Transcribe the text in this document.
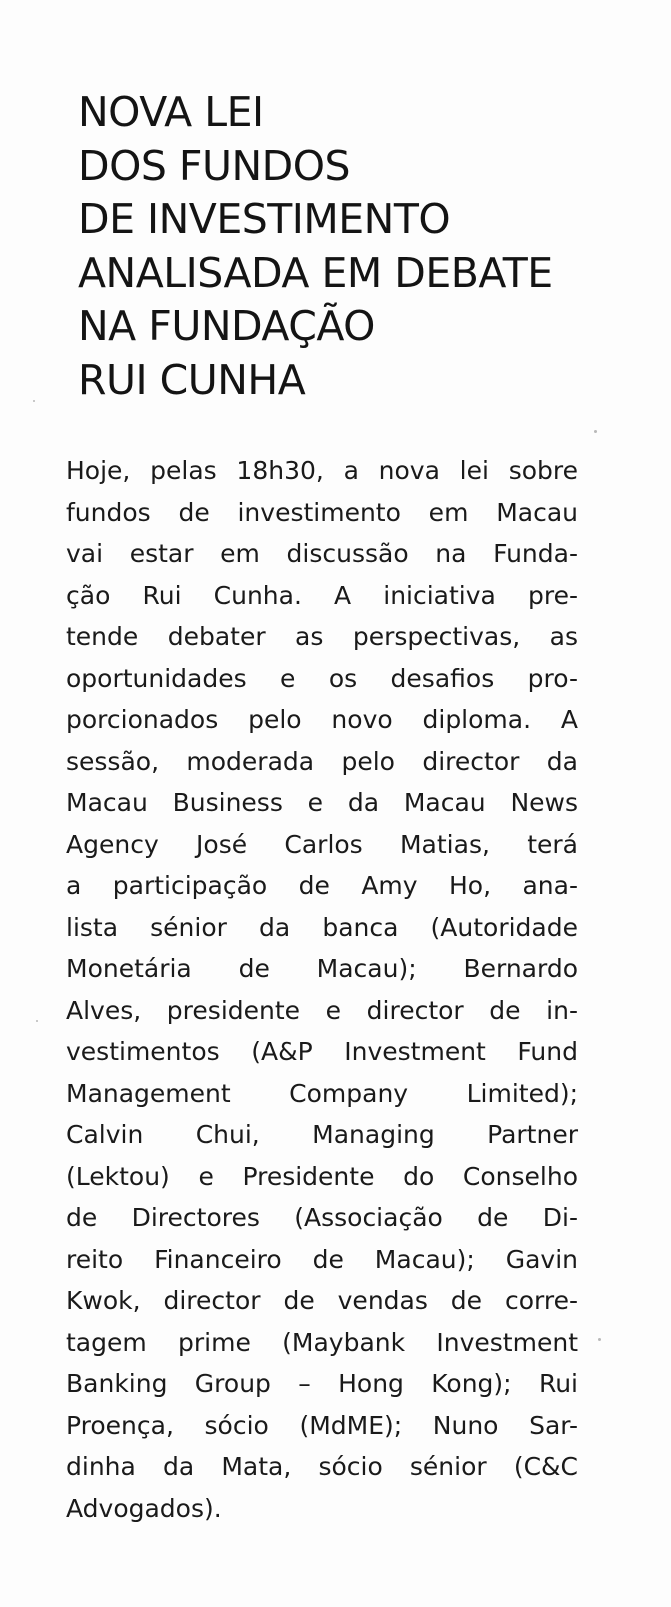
NOVA LEI
DOS FUNDOS
DE INVESTIMENTO
ANALISADA EM DEBATE
NA FUNDAÇÃO
RUI CUNHA
Hoje, pelas 18h30, a nova lei sobre
fundos de investimento em Macau
vai estar em discussão na Funda-
ção Rui Cunha. A iniciativa pre-
tende debater as perspectivas, as
oportunidades e os desafios pro-
porcionados pelo novo diploma. A
sessão, moderada pelo director da
Macau Business e da Macau News
Agency José Carlos Matias, terá
a participação de Amy Ho, ana-
lista sénior da banca (Autoridade
Monetária de Macau); Bernardo
Alves, presidente e director de in-
vestimentos (A&P Investment Fund
Management Company Limited);
Calvin Chui, Managing Partner
(Lektou) e Presidente do Conselho
de Directores (Associação de Di-
reito Financeiro de Macau); Gavin
Kwok, director de vendas de corre-
tagem prime (Maybank Investment
Banking Group – Hong Kong); Rui
Proença, sócio (MdME); Nuno Sar-
dinha da Mata, sócio sénior (C&C
Advogados).
